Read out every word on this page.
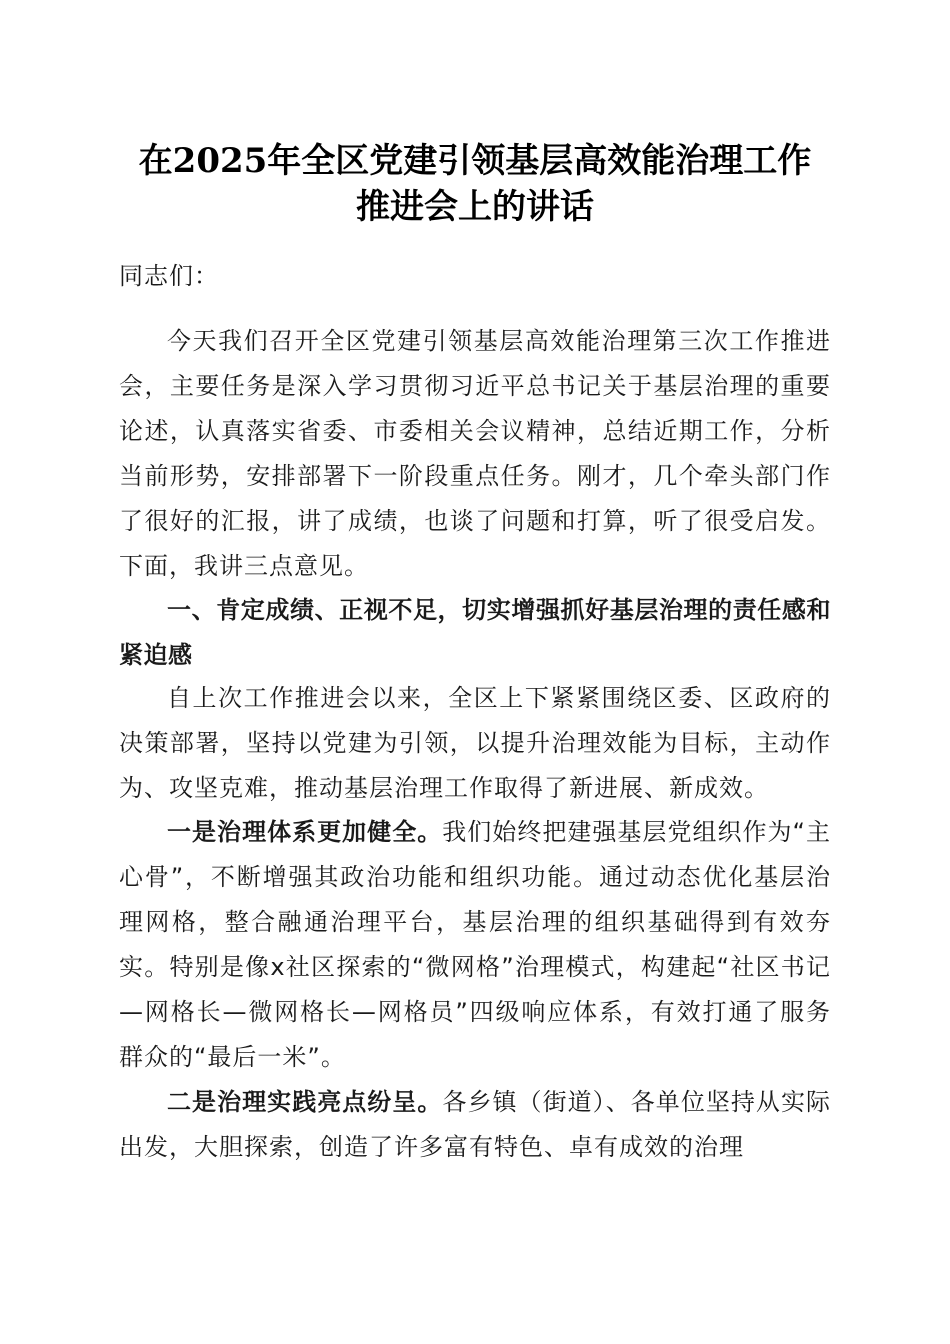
在2025年全区党建引领基层高效能治理工作
推进会上的讲话

同志们：

今天我们召开全区党建引领基层高效能治理第三次工作推进会，主要任务是深入学习贯彻习近平总书记关于基层治理的重要论述，认真落实省委、市委相关会议精神，总结近期工作，分析当前形势，安排部署下一阶段重点任务。刚才，几个牵头部门作了很好的汇报，讲了成绩，也谈了问题和打算，听了很受启发。下面，我讲三点意见。

一、肯定成绩、正视不足，切实增强抓好基层治理的责任感和紧迫感

自上次工作推进会以来，全区上下紧紧围绕区委、区政府的决策部署，坚持以党建为引领，以提升治理效能为目标，主动作为、攻坚克难，推动基层治理工作取得了新进展、新成效。

一是治理体系更加健全。我们始终把建强基层党组织作为“主心骨”，不断增强其政治功能和组织功能。通过动态优化基层治理网格，整合融通治理平台，基层治理的组织基础得到有效夯实。特别是像x社区探索的“微网格”治理模式，构建起“社区书记—网格长—微网格长—网格员”四级响应体系，有效打通了服务群众的“最后一米”。

二是治理实践亮点纷呈。各乡镇（街道）、各单位坚持从实际出发，大胆探索，创造了许多富有特色、卓有成效的治理
